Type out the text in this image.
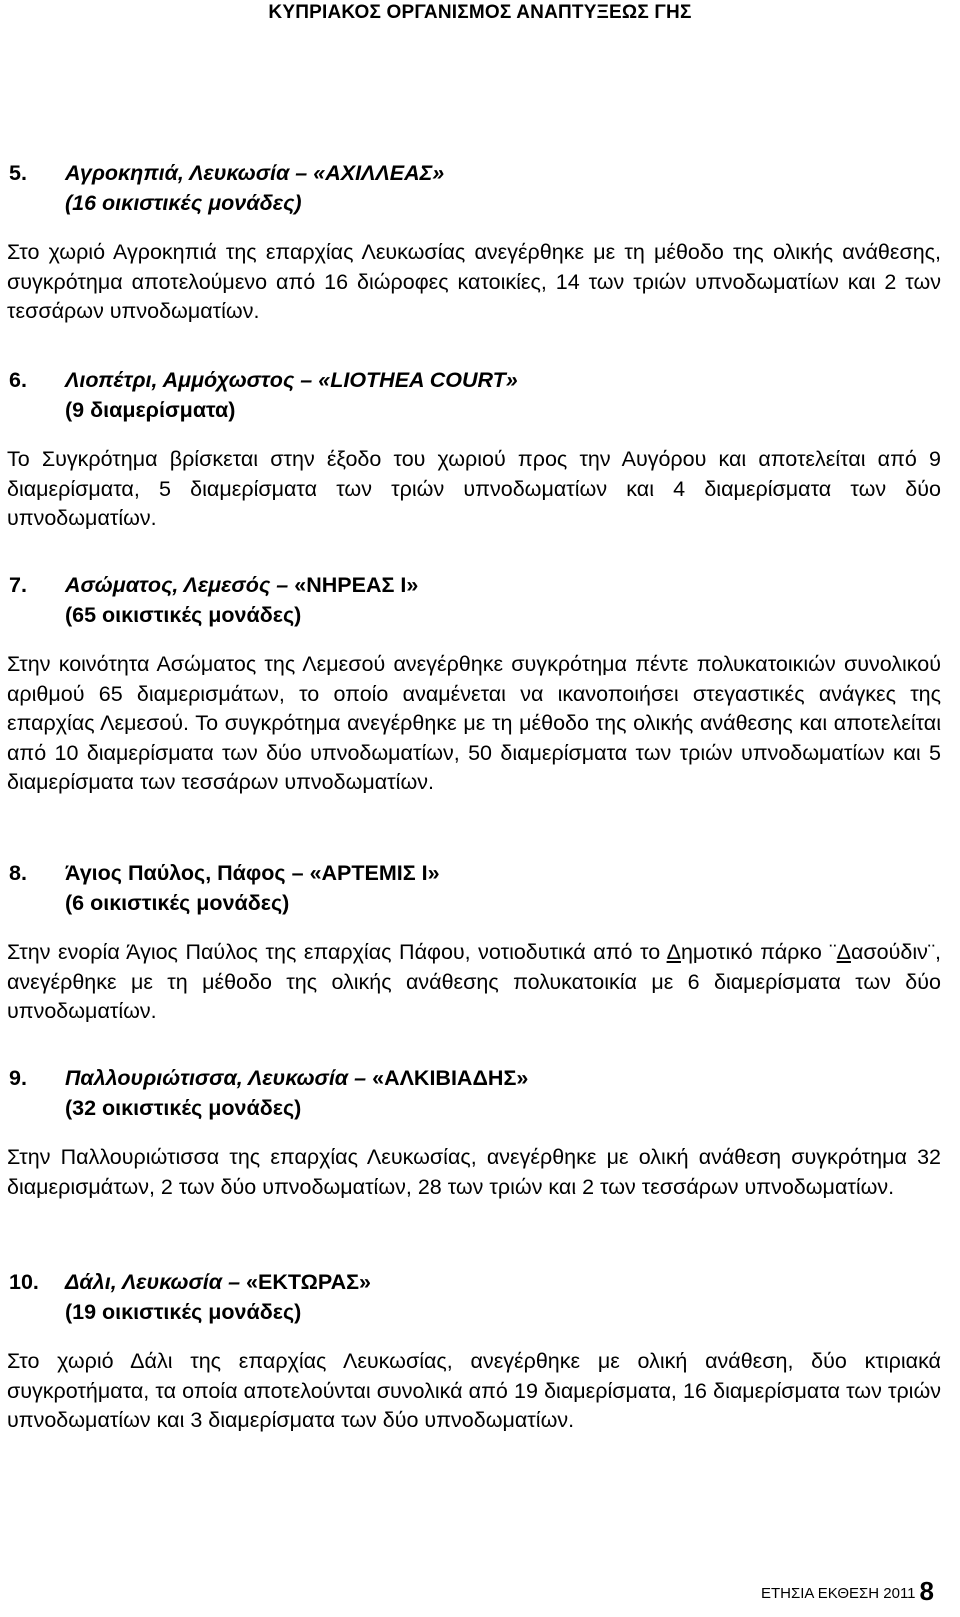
ΚΥΠΡΙΑΚΟΣ ΟΡΓΑΝΙΣΜΟΣ ΑΝΑΠΤΥΞΕΩΣ ΓΗΣ
5. Αγροκηπιά, Λευκωσία – «ΑΧΙΛΛΕΑΣ»
(16 οικιστικές μονάδες)
Στο χωριό Αγροκηπιά της επαρχίας Λευκωσίας ανεγέρθηκε με τη μέθοδο της ολικής ανάθεσης, συγκρότημα αποτελούμενο από 16 διώροφες κατοικίες, 14 των τριών υπνοδωματίων και 2 των τεσσάρων υπνοδωματίων.
6. Λιοπέτρι, Αμμόχωστος – «LIOTHEA COURT»
(9 διαμερίσματα)
Το Συγκρότημα βρίσκεται στην έξοδο του χωριού προς την Αυγόρου και αποτελείται από 9 διαμερίσματα, 5 διαμερίσματα των τριών υπνοδωματίων και 4 διαμερίσματα των δύο υπνοδωματίων.
7. Ασώματος, Λεμεσός – «ΝΗΡΕΑΣ Ι»
(65 οικιστικές μονάδες)
Στην κοινότητα Ασώματος της Λεμεσού ανεγέρθηκε συγκρότημα πέντε πολυκατοικιών συνολικού αριθμού 65 διαμερισμάτων, το οποίο αναμένεται να ικανοποιήσει στεγαστικές ανάγκες της επαρχίας Λεμεσού. Το συγκρότημα ανεγέρθηκε με τη μέθοδο της ολικής ανάθεσης και αποτελείται από 10 διαμερίσματα των δύο υπνοδωματίων, 50 διαμερίσματα των τριών υπνοδωματίων και 5 διαμερίσματα των τεσσάρων υπνοδωματίων.
8. Άγιος Παύλος, Πάφος – «ΑΡΤΕΜΙΣ Ι»
(6 οικιστικές μονάδες)
Στην ενορία Άγιος Παύλος της επαρχίας Πάφου, νοτιοδυτικά από το Δημοτικό πάρκο ¨Δασούδιν¨, ανεγέρθηκε με τη μέθοδο της ολικής ανάθεσης πολυκατοικία με 6 διαμερίσματα των δύο υπνοδωματίων.
9. Παλλουριώτισσα, Λευκωσία – «ΑΛΚΙΒΙΑΔΗΣ»
(32 οικιστικές μονάδες)
Στην Παλλουριώτισσα της επαρχίας Λευκωσίας, ανεγέρθηκε με ολική ανάθεση συγκρότημα 32 διαμερισμάτων, 2 των δύο υπνοδωματίων, 28 των τριών και 2 των τεσσάρων υπνοδωματίων.
10. Δάλι, Λευκωσία – «ΕΚΤΩΡΑΣ»
(19 οικιστικές μονάδες)
Στο χωριό Δάλι της επαρχίας Λευκωσίας, ανεγέρθηκε με ολική ανάθεση, δύο κτιριακά συγκροτήματα, τα οποία αποτελούνται συνολικά από 19 διαμερίσματα, 16 διαμερίσματα των τριών υπνοδωματίων και 3 διαμερίσματα των δύο υπνοδωματίων.
ΕΤΗΣΙΑ ΕΚΘΕΣΗ 2011 8
